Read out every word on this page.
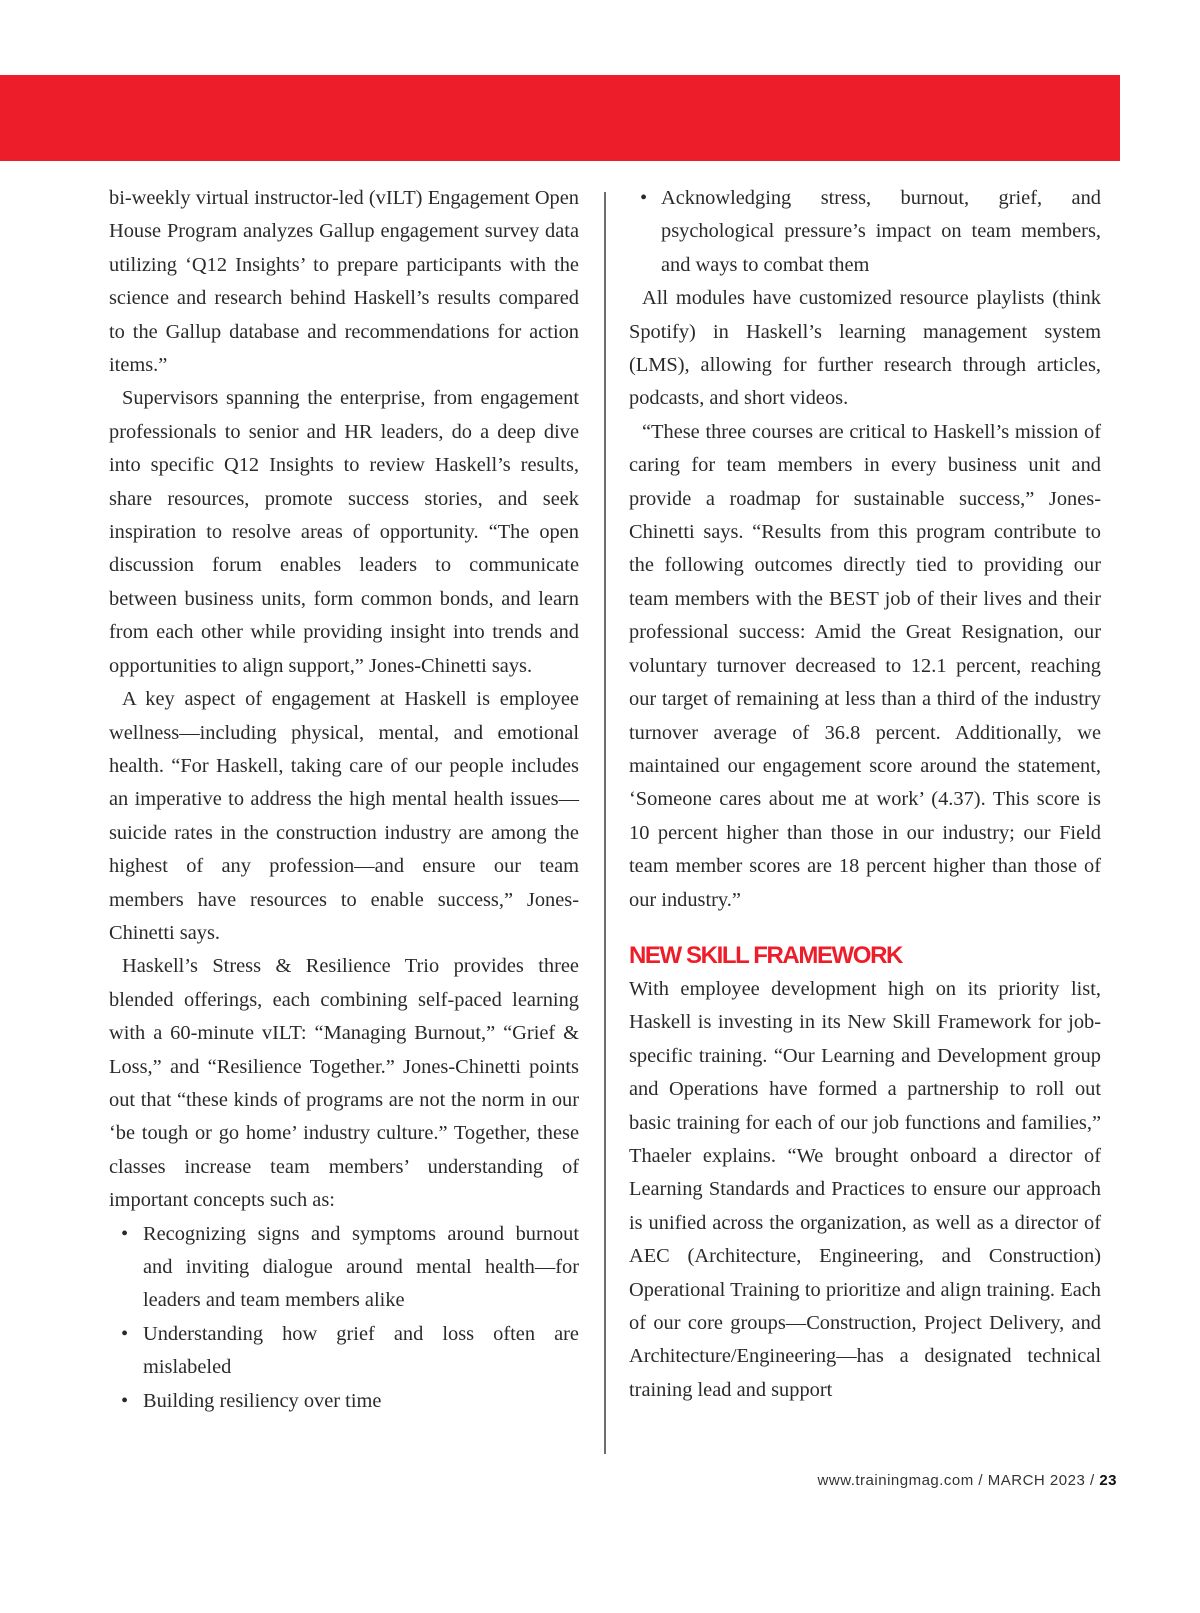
bi-weekly virtual instructor-led (vILT) Engagement Open House Program analyzes Gallup engagement survey data utilizing ‘Q12 Insights’ to prepare participants with the science and research behind Haskell’s results compared to the Gallup database and recommendations for action items.”

Supervisors spanning the enterprise, from engagement professionals to senior and HR leaders, do a deep dive into specific Q12 Insights to review Haskell’s results, share resources, promote success stories, and seek inspiration to resolve areas of opportunity. “The open discussion forum enables leaders to communicate between business units, form common bonds, and learn from each other while providing insight into trends and opportunities to align support,” Jones-Chinetti says.

A key aspect of engagement at Haskell is employee wellness—including physical, mental, and emotional health. “For Haskell, taking care of our people includes an imperative to address the high mental health issues—suicide rates in the construction industry are among the highest of any profession—and ensure our team members have resources to enable success,” Jones-Chinetti says.

Haskell’s Stress & Resilience Trio provides three blended offerings, each combining self-paced learning with a 60-minute vILT: “Managing Burnout,” “Grief & Loss,” and “Resilience Together.” Jones-Chinetti points out that “these kinds of programs are not the norm in our ‘be tough or go home’ industry culture.” Together, these classes increase team members’ understanding of important concepts such as:

• Recognizing signs and symptoms around burnout and inviting dialogue around mental health—for leaders and team members alike
• Understanding how grief and loss often are mislabeled
• Building resiliency over time
• Acknowledging stress, burnout, grief, and psychological pressure’s impact on team members, and ways to combat them

All modules have customized resource playlists (think Spotify) in Haskell’s learning management system (LMS), allowing for further research through articles, podcasts, and short videos.

“These three courses are critical to Haskell’s mission of caring for team members in every business unit and provide a roadmap for sustainable success,” Jones-Chinetti says. “Results from this program contribute to the following outcomes directly tied to providing our team members with the BEST job of their lives and their professional success: Amid the Great Resignation, our voluntary turnover decreased to 12.1 percent, reaching our target of remaining at less than a third of the industry turnover average of 36.8 percent. Additionally, we maintained our engagement score around the statement, ‘Someone cares about me at work’ (4.37). This score is 10 percent higher than those in our industry; our Field team member scores are 18 percent higher than those of our industry.”

NEW SKILL FRAMEWORK

With employee development high on its priority list, Haskell is investing in its New Skill Framework for job-specific training. “Our Learning and Development group and Operations have formed a partnership to roll out basic training for each of our job functions and families,” Thaeler explains. “We brought onboard a director of Learning Standards and Practices to ensure our approach is unified across the organization, as well as a director of AEC (Architecture, Engineering, and Construction) Operational Training to prioritize and align training. Each of our core groups—Construction, Project Delivery, and Architecture/Engineering—has a designated technical training lead and support

www.trainingmag.com / MARCH 2023 / 23
